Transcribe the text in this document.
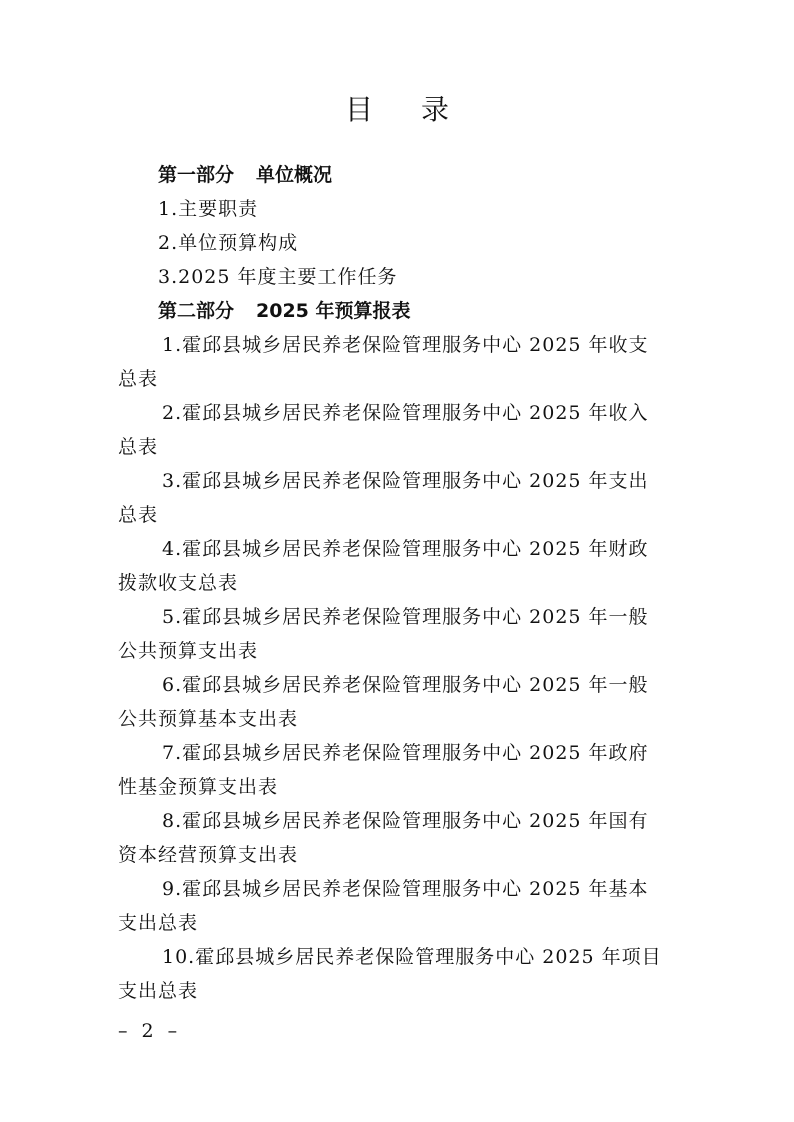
目 录
第一部分 单位概况
1.主要职责
2.单位预算构成
3.2025 年度主要工作任务
第二部分 2025 年预算报表
1.霍邱县城乡居民养老保险管理服务中心 2025 年收支
总表
2.霍邱县城乡居民养老保险管理服务中心 2025 年收入
总表
3.霍邱县城乡居民养老保险管理服务中心 2025 年支出
总表
4.霍邱县城乡居民养老保险管理服务中心 2025 年财政
拨款收支总表
5.霍邱县城乡居民养老保险管理服务中心 2025 年一般
公共预算支出表
6.霍邱县城乡居民养老保险管理服务中心 2025 年一般
公共预算基本支出表
7.霍邱县城乡居民养老保险管理服务中心 2025 年政府
性基金预算支出表
8.霍邱县城乡居民养老保险管理服务中心 2025 年国有
资本经营预算支出表
9.霍邱县城乡居民养老保险管理服务中心 2025 年基本
支出总表
10.霍邱县城乡居民养老保险管理服务中心 2025 年项目
支出总表
– 2 –
